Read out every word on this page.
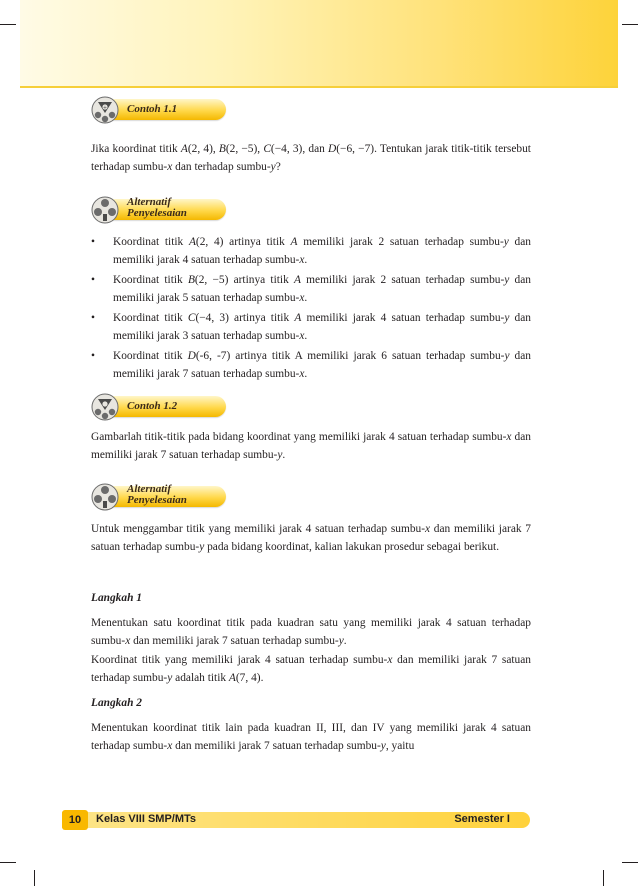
+ Contoh 1.1
Jika koordinat titik A(2, 4), B(2, −5), C(−4, 3), dan D(−6, −7). Tentukan jarak titik-titik tersebut terhadap sumbu-x dan terhadap sumbu-y?
Alternatif
Penyelesaian
• Koordinat titik A(2, 4) artinya titik A memiliki jarak 2 satuan terhadap sumbu-y dan memiliki jarak 4 satuan terhadap sumbu-x.
• Koordinat titik B(2, −5) artinya titik A memiliki jarak 2 satuan terhadap sumbu-y dan memiliki jarak 5 satuan terhadap sumbu-x.
• Koordinat titik C(−4, 3) artinya titik A memiliki jarak 4 satuan terhadap sumbu-y dan memiliki jarak 3 satuan terhadap sumbu-x.
• Koordinat titik D(-6, -7) artinya titik A memiliki jarak 6 satuan terhadap sumbu-y dan memiliki jarak 7 satuan terhadap sumbu-x.
Contoh 1.2
Gambarlah titik-titik pada bidang koordinat yang memiliki jarak 4 satuan terhadap sumbu-x dan memiliki jarak 7 satuan terhadap sumbu-y.
Alternatif
Penyelesaian
Untuk menggambar titik yang memiliki jarak 4 satuan terhadap sumbu-x dan memiliki jarak 7 satuan terhadap sumbu-y pada bidang koordinat, kalian lakukan prosedur sebagai berikut.
Langkah 1
Menentukan satu koordinat titik pada kuadran satu yang memiliki jarak 4 satuan terhadap sumbu-x dan memiliki jarak 7 satuan terhadap sumbu-y.
Koordinat titik yang memiliki jarak 4 satuan terhadap sumbu-x dan memiliki jarak 7 satuan terhadap sumbu-y adalah titik A(7, 4).
Langkah 2
Menentukan koordinat titik lain pada kuadran II, III, dan IV yang memiliki jarak 4 satuan terhadap sumbu-x dan memiliki jarak 7 satuan terhadap sumbu-y, yaitu
10	Kelas VIII SMP/MTs	Semester I
